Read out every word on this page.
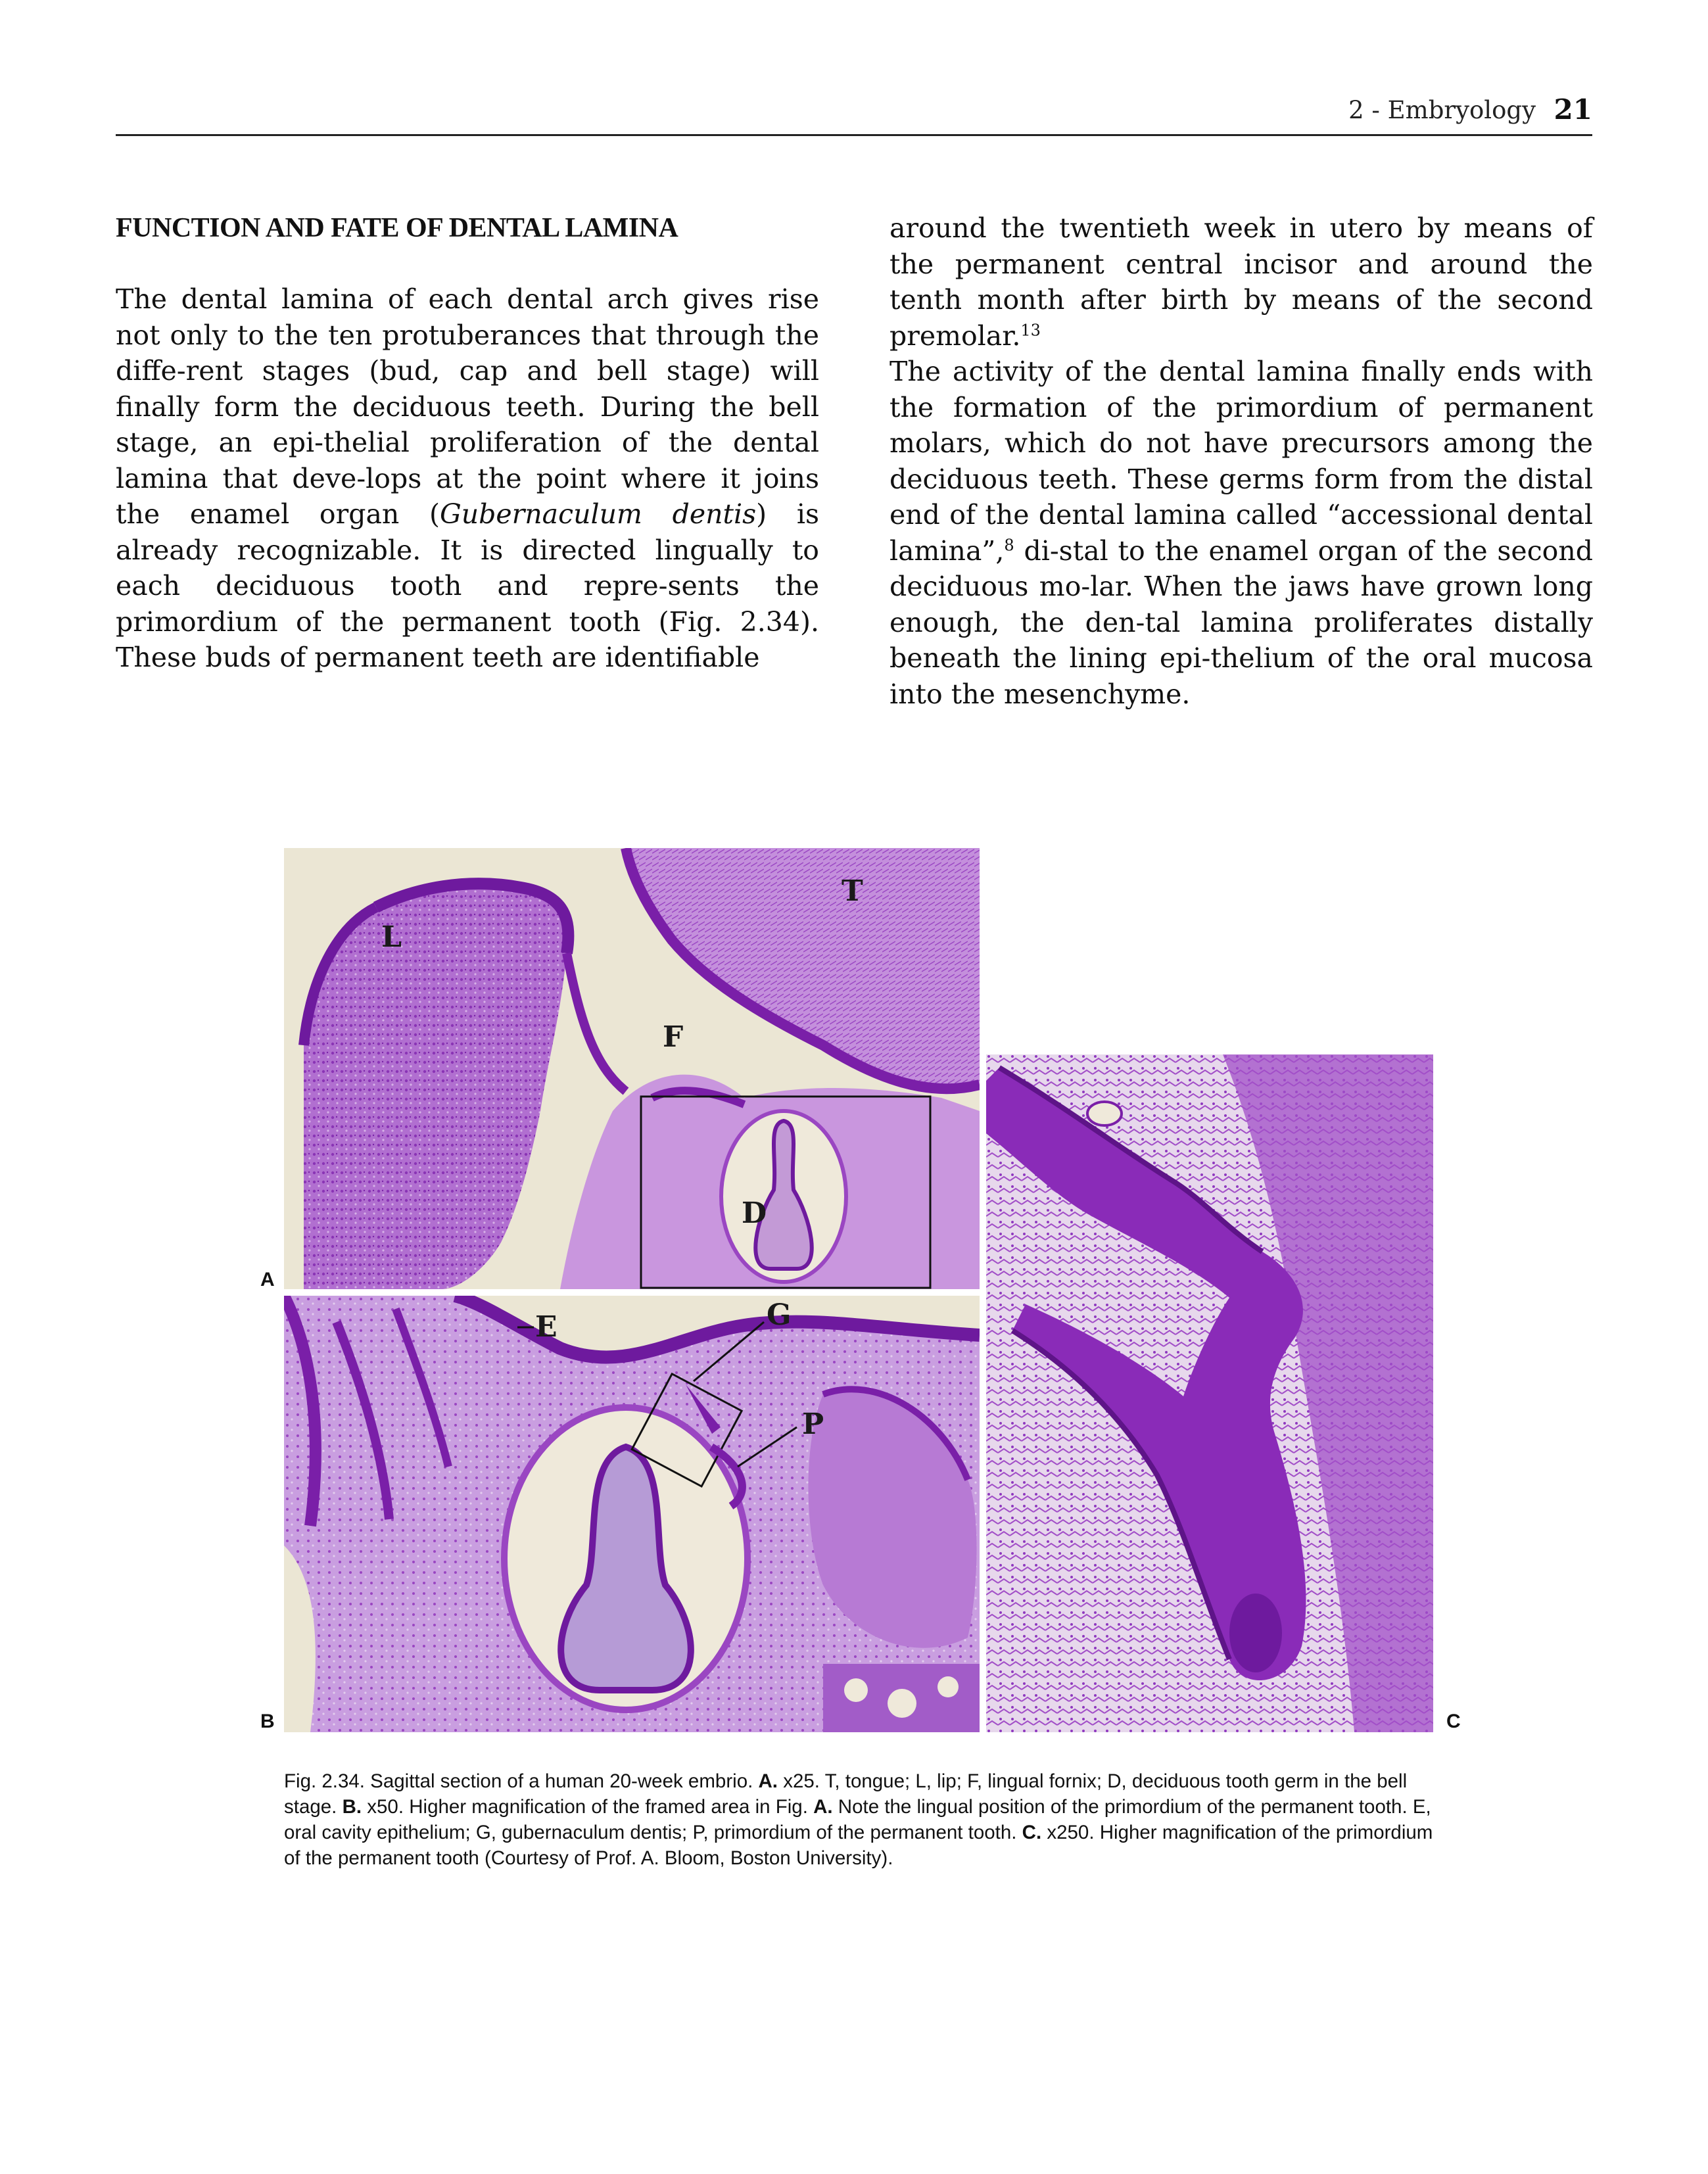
2 - Embryology 21
FUNCTION AND FATE OF DENTAL LAMINA

The dental lamina of each dental arch gives rise not only to the ten protuberances that through the diffe-rent stages (bud, cap and bell stage) will finally form the deciduous teeth. During the bell stage, an epi-thelial proliferation of the dental lamina that deve-lops at the point where it joins the enamel organ (Gubernaculum dentis) is already recognizable. It is directed lingually to each deciduous tooth and repre-sents the primordium of the permanent tooth (Fig. 2.34). These buds of permanent teeth are identifiable

around the twentieth week in utero by means of the permanent central incisor and around the tenth month after birth by means of the second premolar.$^{13}$

The activity of the dental lamina finally ends with the formation of the primordium of permanent molars, which do not have precursors among the deciduous teeth. These germs form from the distal end of the dental lamina called “accessional dental lamina”,$^8$ di-stal to the enamel organ of the second deciduous mo-lar. When the jaws have grown long enough, the den-tal lamina proliferates distally beneath the lining epi-thelium of the oral mucosa into the mesenchyme.

L
T
F
D
A
E	G
P
B	C
Fig. 2.34. Sagittal section of a human 20-week embrio. A. x25. T, tongue; L, lip; F, lingual fornix; D, deciduous tooth germ in the bell stage. B. x50. Higher magnification of the framed area in Fig. A. Note the lingual position of the primordium of the permanent tooth. E, oral cavity epithelium; G, gubernaculum dentis; P, primordium of the permanent tooth. C. x250. Higher magnification of the primordium of the permanent tooth (Courtesy of Prof. A. Bloom, Boston University).
